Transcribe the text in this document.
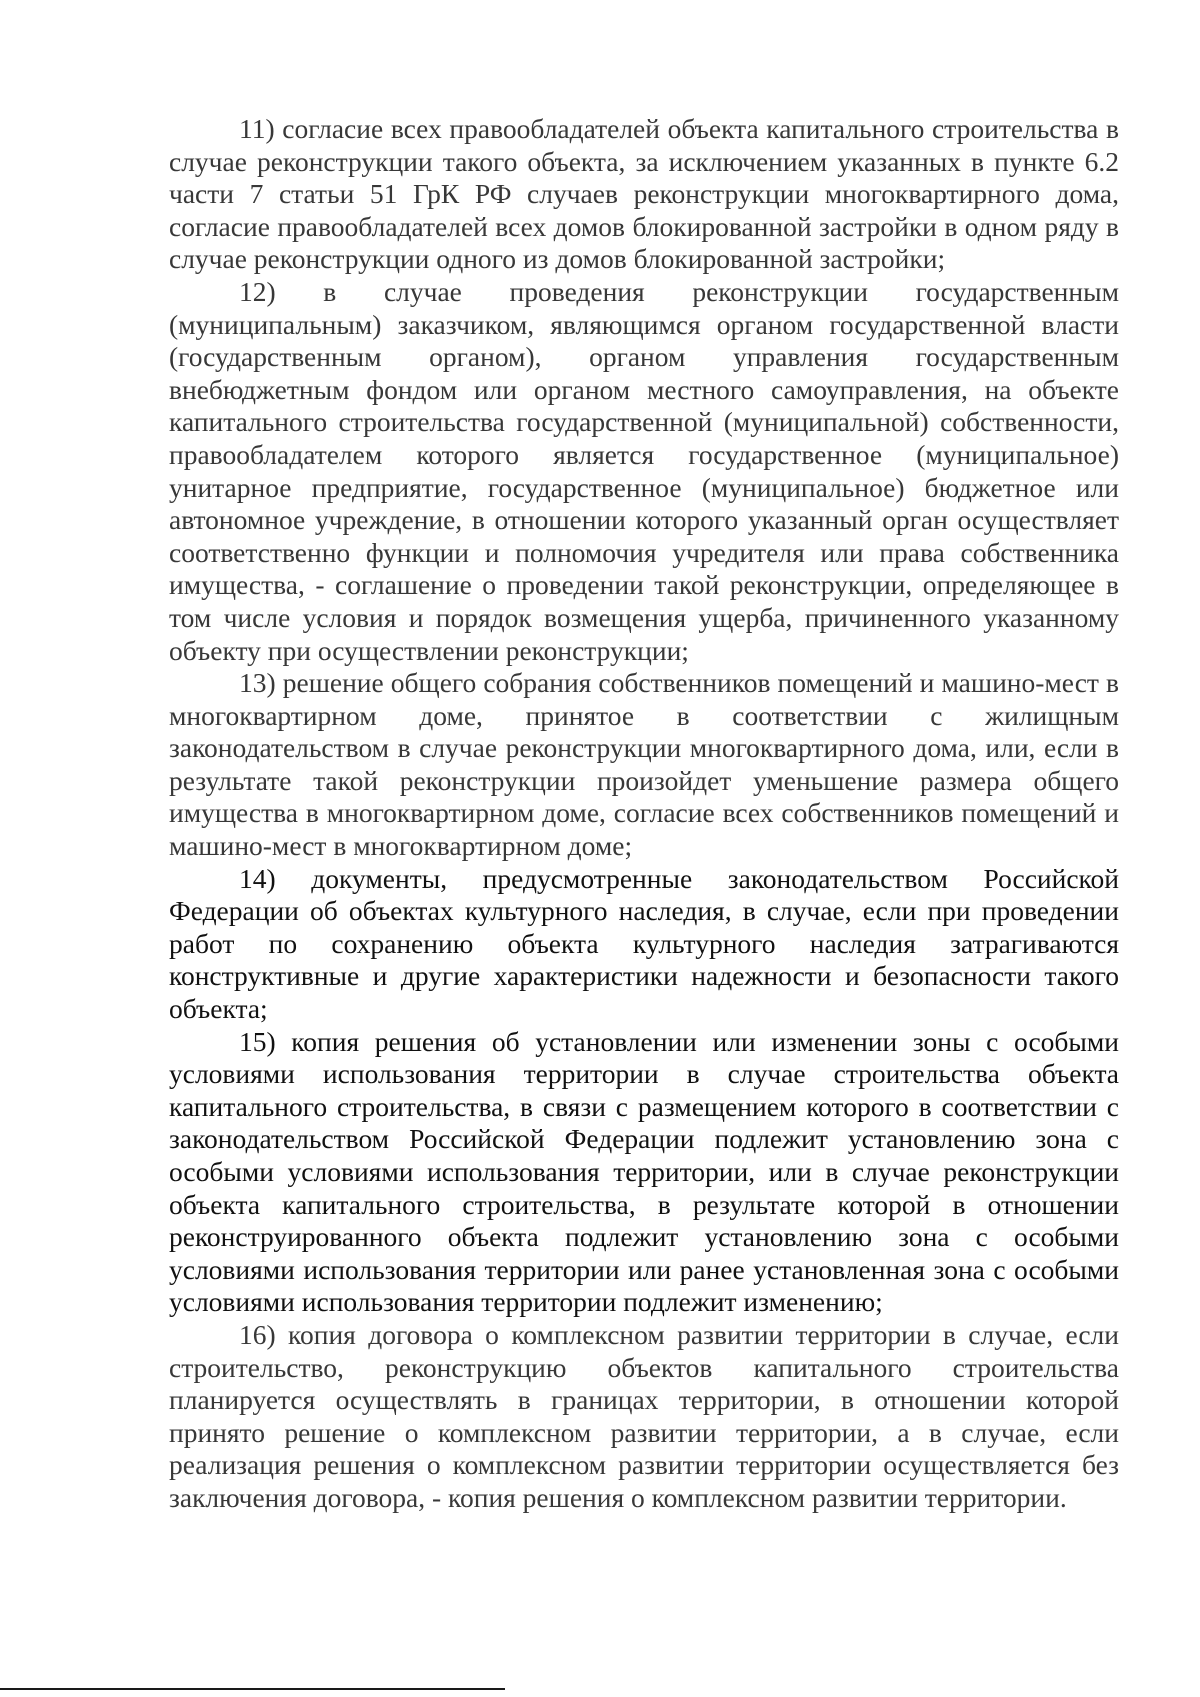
11) согласие всех правообладателей объекта капитального строительства в случае реконструкции такого объекта, за исключением указанных в пункте 6.2 части 7 статьи 51 ГрК РФ случаев реконструкции многоквартирного дома, согласие правообладателей всех домов блокированной застройки в одном ряду в случае реконструкции одного из домов блокированной застройки;

12) в случае проведения реконструкции государственным (муниципальным) заказчиком, являющимся органом государственной власти (государственным органом), органом управления государственным внебюджетным фондом или органом местного самоуправления, на объекте капитального строительства государственной (муниципальной) собственности, правообладателем которого является государственное (муниципальное) унитарное предприятие, государственное (муниципальное) бюджетное или автономное учреждение, в отношении которого указанный орган осуществляет соответственно функции и полномочия учредителя или права собственника имущества, - соглашение о проведении такой реконструкции, определяющее в том числе условия и порядок возмещения ущерба, причиненного указанному объекту при осуществлении реконструкции;

13) решение общего собрания собственников помещений и машино-мест в многоквартирном доме, принятое в соответствии с жилищным законодательством в случае реконструкции многоквартирного дома, или, если в результате такой реконструкции произойдет уменьшение размера общего имущества в многоквартирном доме, согласие всех собственников помещений и машино-мест в многоквартирном доме;

14) документы, предусмотренные законодательством Российской Федерации об объектах культурного наследия, в случае, если при проведении работ по сохранению объекта культурного наследия затрагиваются конструктивные и другие характеристики надежности и безопасности такого объекта;

15) копия решения об установлении или изменении зоны с особыми условиями использования территории в случае строительства объекта капитального строительства, в связи с размещением которого в соответствии с законодательством Российской Федерации подлежит установлению зона с особыми условиями использования территории, или в случае реконструкции объекта капитального строительства, в результате которой в отношении реконструированного объекта подлежит установлению зона с особыми условиями использования территории или ранее установленная зона с особыми условиями использования территории подлежит изменению;

16) копия договора о комплексном развитии территории в случае, если строительство, реконструкцию объектов капитального строительства планируется осуществлять в границах территории, в отношении которой принято решение о комплексном развитии территории, а в случае, если реализация решения о комплексном развитии территории осуществляется без заключения договора, - копия решения о комплексном развитии территории.
